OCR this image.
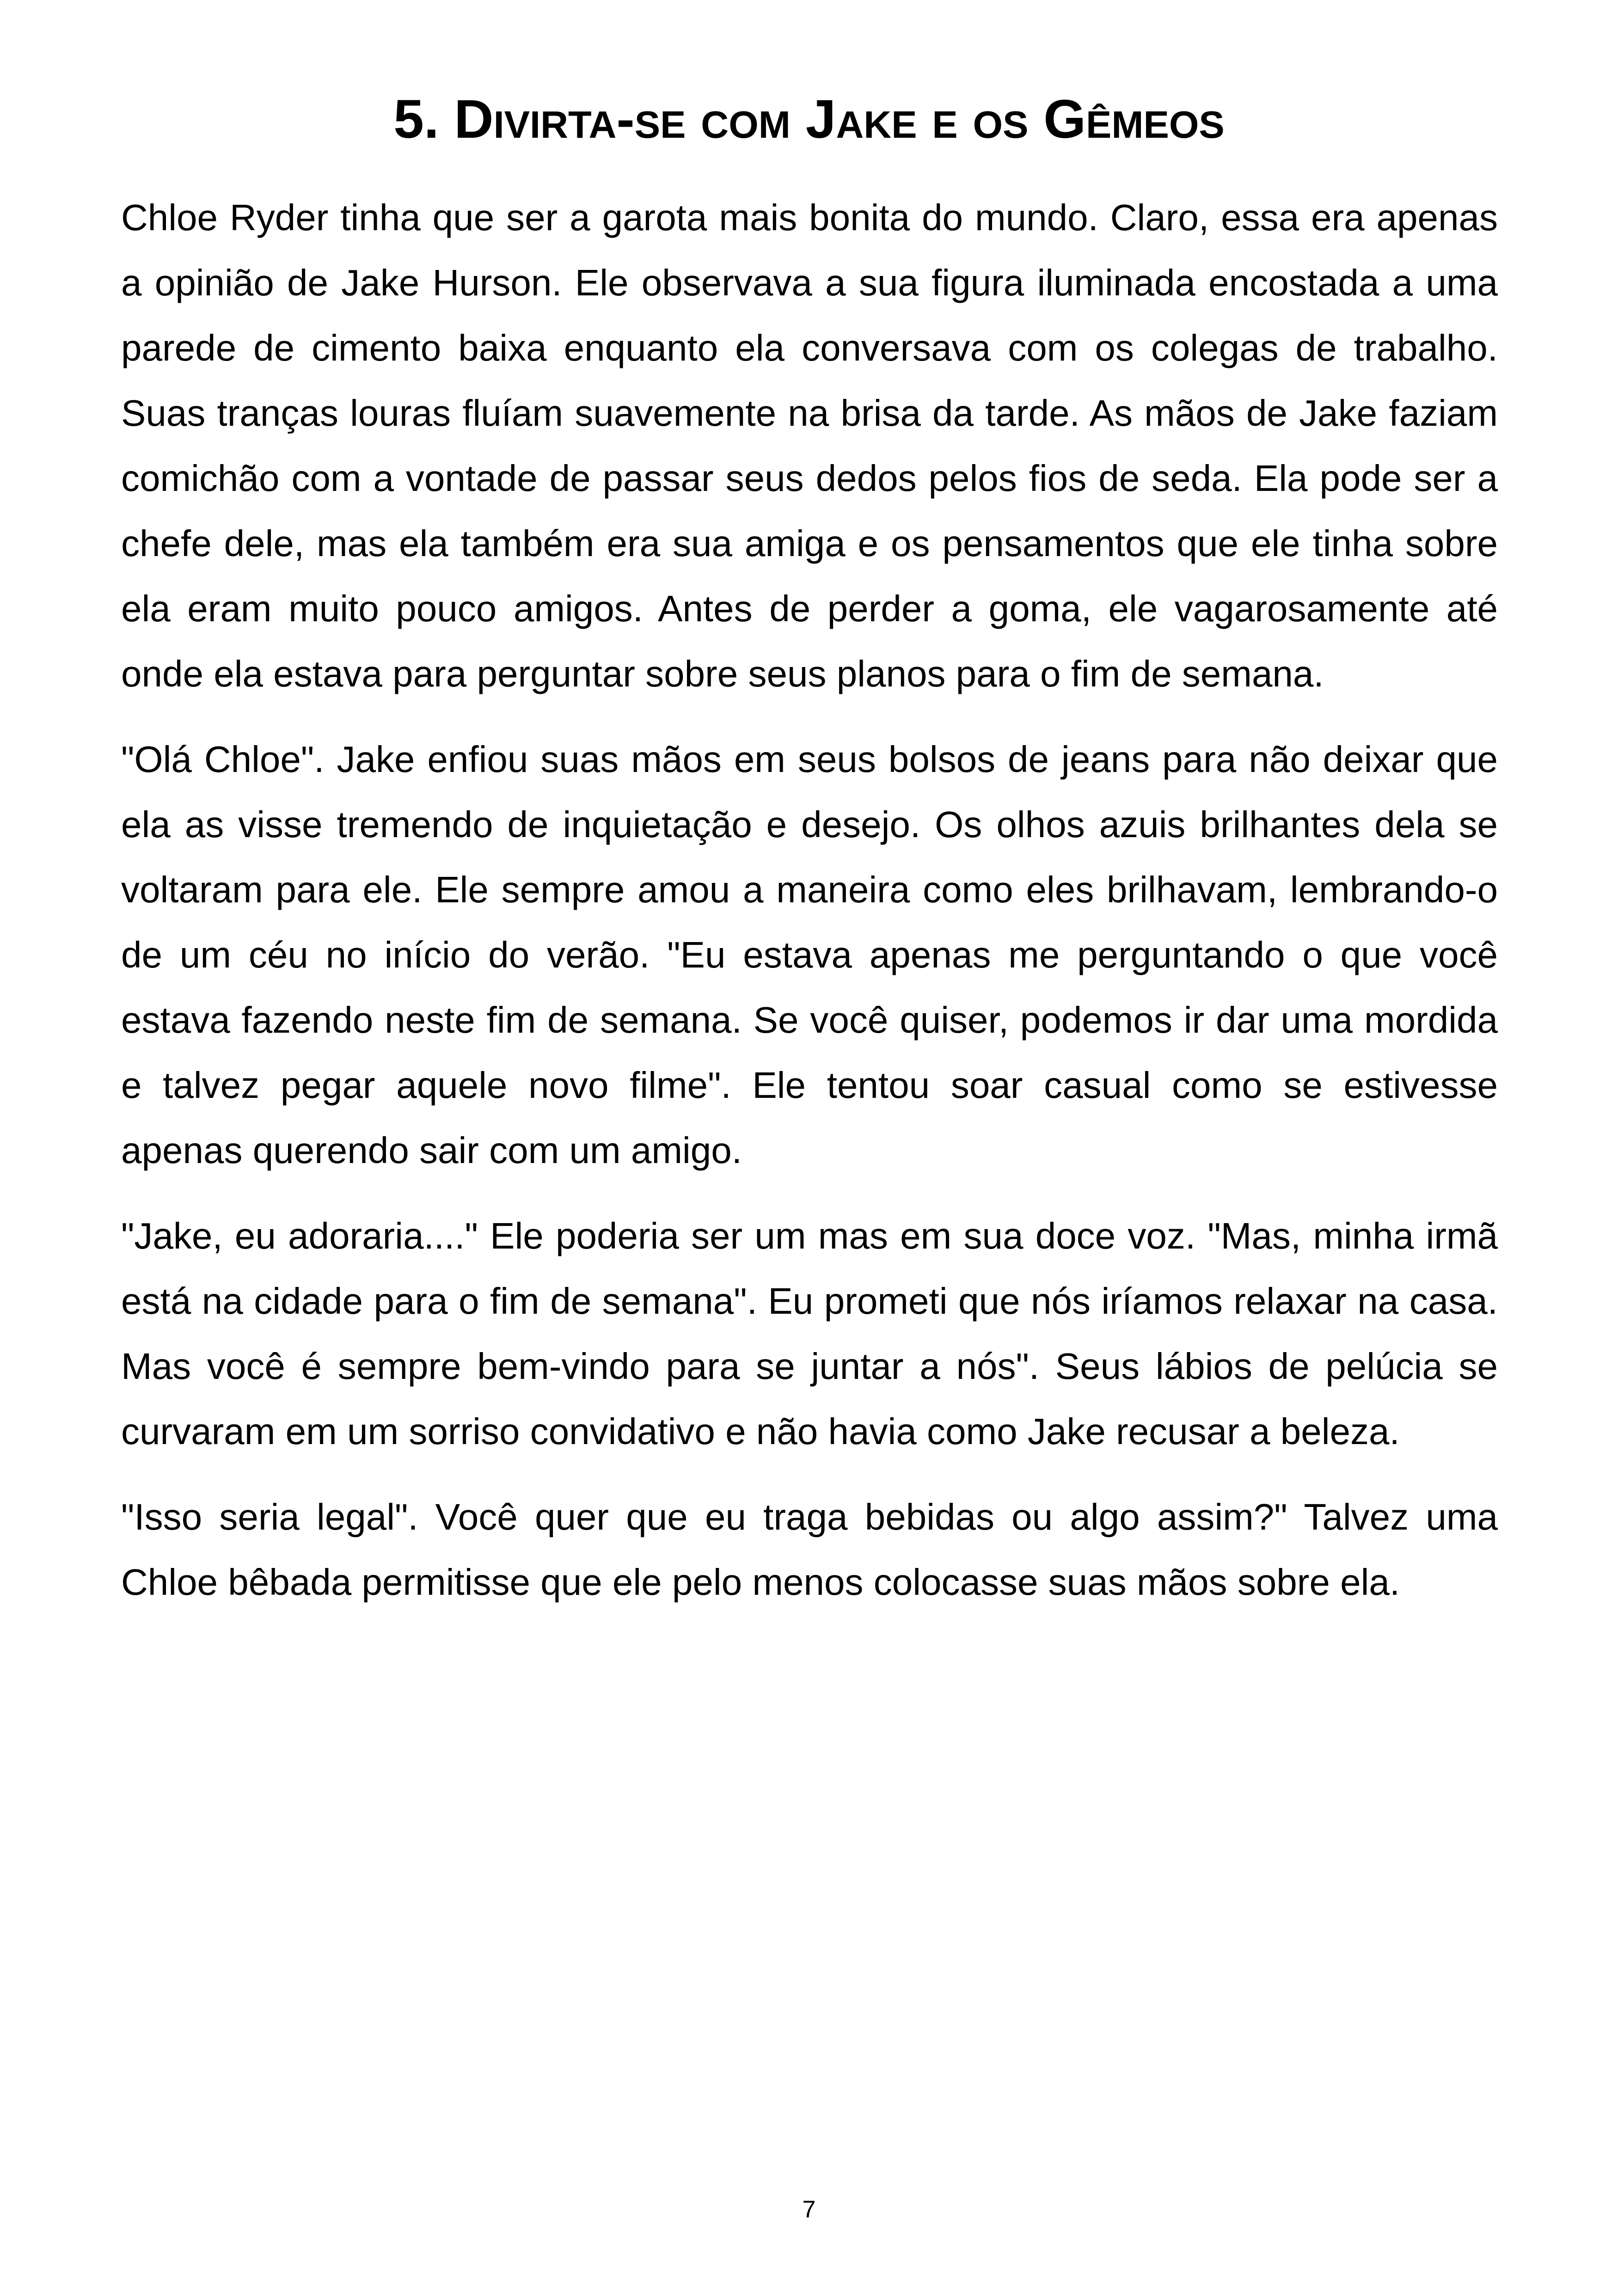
5. Divirta-se com Jake e os Gêmeos

Chloe Ryder tinha que ser a garota mais bonita do mundo. Claro, essa era apenas a opinião de Jake Hurson. Ele observava a sua figura iluminada encostada a uma parede de cimento baixa enquanto ela conversava com os colegas de trabalho. Suas tranças louras fluíam suavemente na brisa da tarde. As mãos de Jake faziam comichão com a vontade de passar seus dedos pelos fios de seda. Ela pode ser a chefe dele, mas ela também era sua amiga e os pensamentos que ele tinha sobre ela eram muito pouco amigos. Antes de perder a goma, ele vagarosamente até onde ela estava para perguntar sobre seus planos para o fim de semana.

"Olá Chloe". Jake enfiou suas mãos em seus bolsos de jeans para não deixar que ela as visse tremendo de inquietação e desejo. Os olhos azuis brilhantes dela se voltaram para ele. Ele sempre amou a maneira como eles brilhavam, lembrando-o de um céu no início do verão. "Eu estava apenas me perguntando o que você estava fazendo neste fim de semana. Se você quiser, podemos ir dar uma mordida e talvez pegar aquele novo filme". Ele tentou soar casual como se estivesse apenas querendo sair com um amigo.

"Jake, eu adoraria...." Ele poderia ser um mas em sua doce voz. "Mas, minha irmã está na cidade para o fim de semana". Eu prometi que nós iríamos relaxar na casa. Mas você é sempre bem-vindo para se juntar a nós". Seus lábios de pelúcia se curvaram em um sorriso convidativo e não havia como Jake recusar a beleza.

"Isso seria legal". Você quer que eu traga bebidas ou algo assim?" Talvez uma Chloe bêbada permitisse que ele pelo menos colocasse suas mãos sobre ela.

7
